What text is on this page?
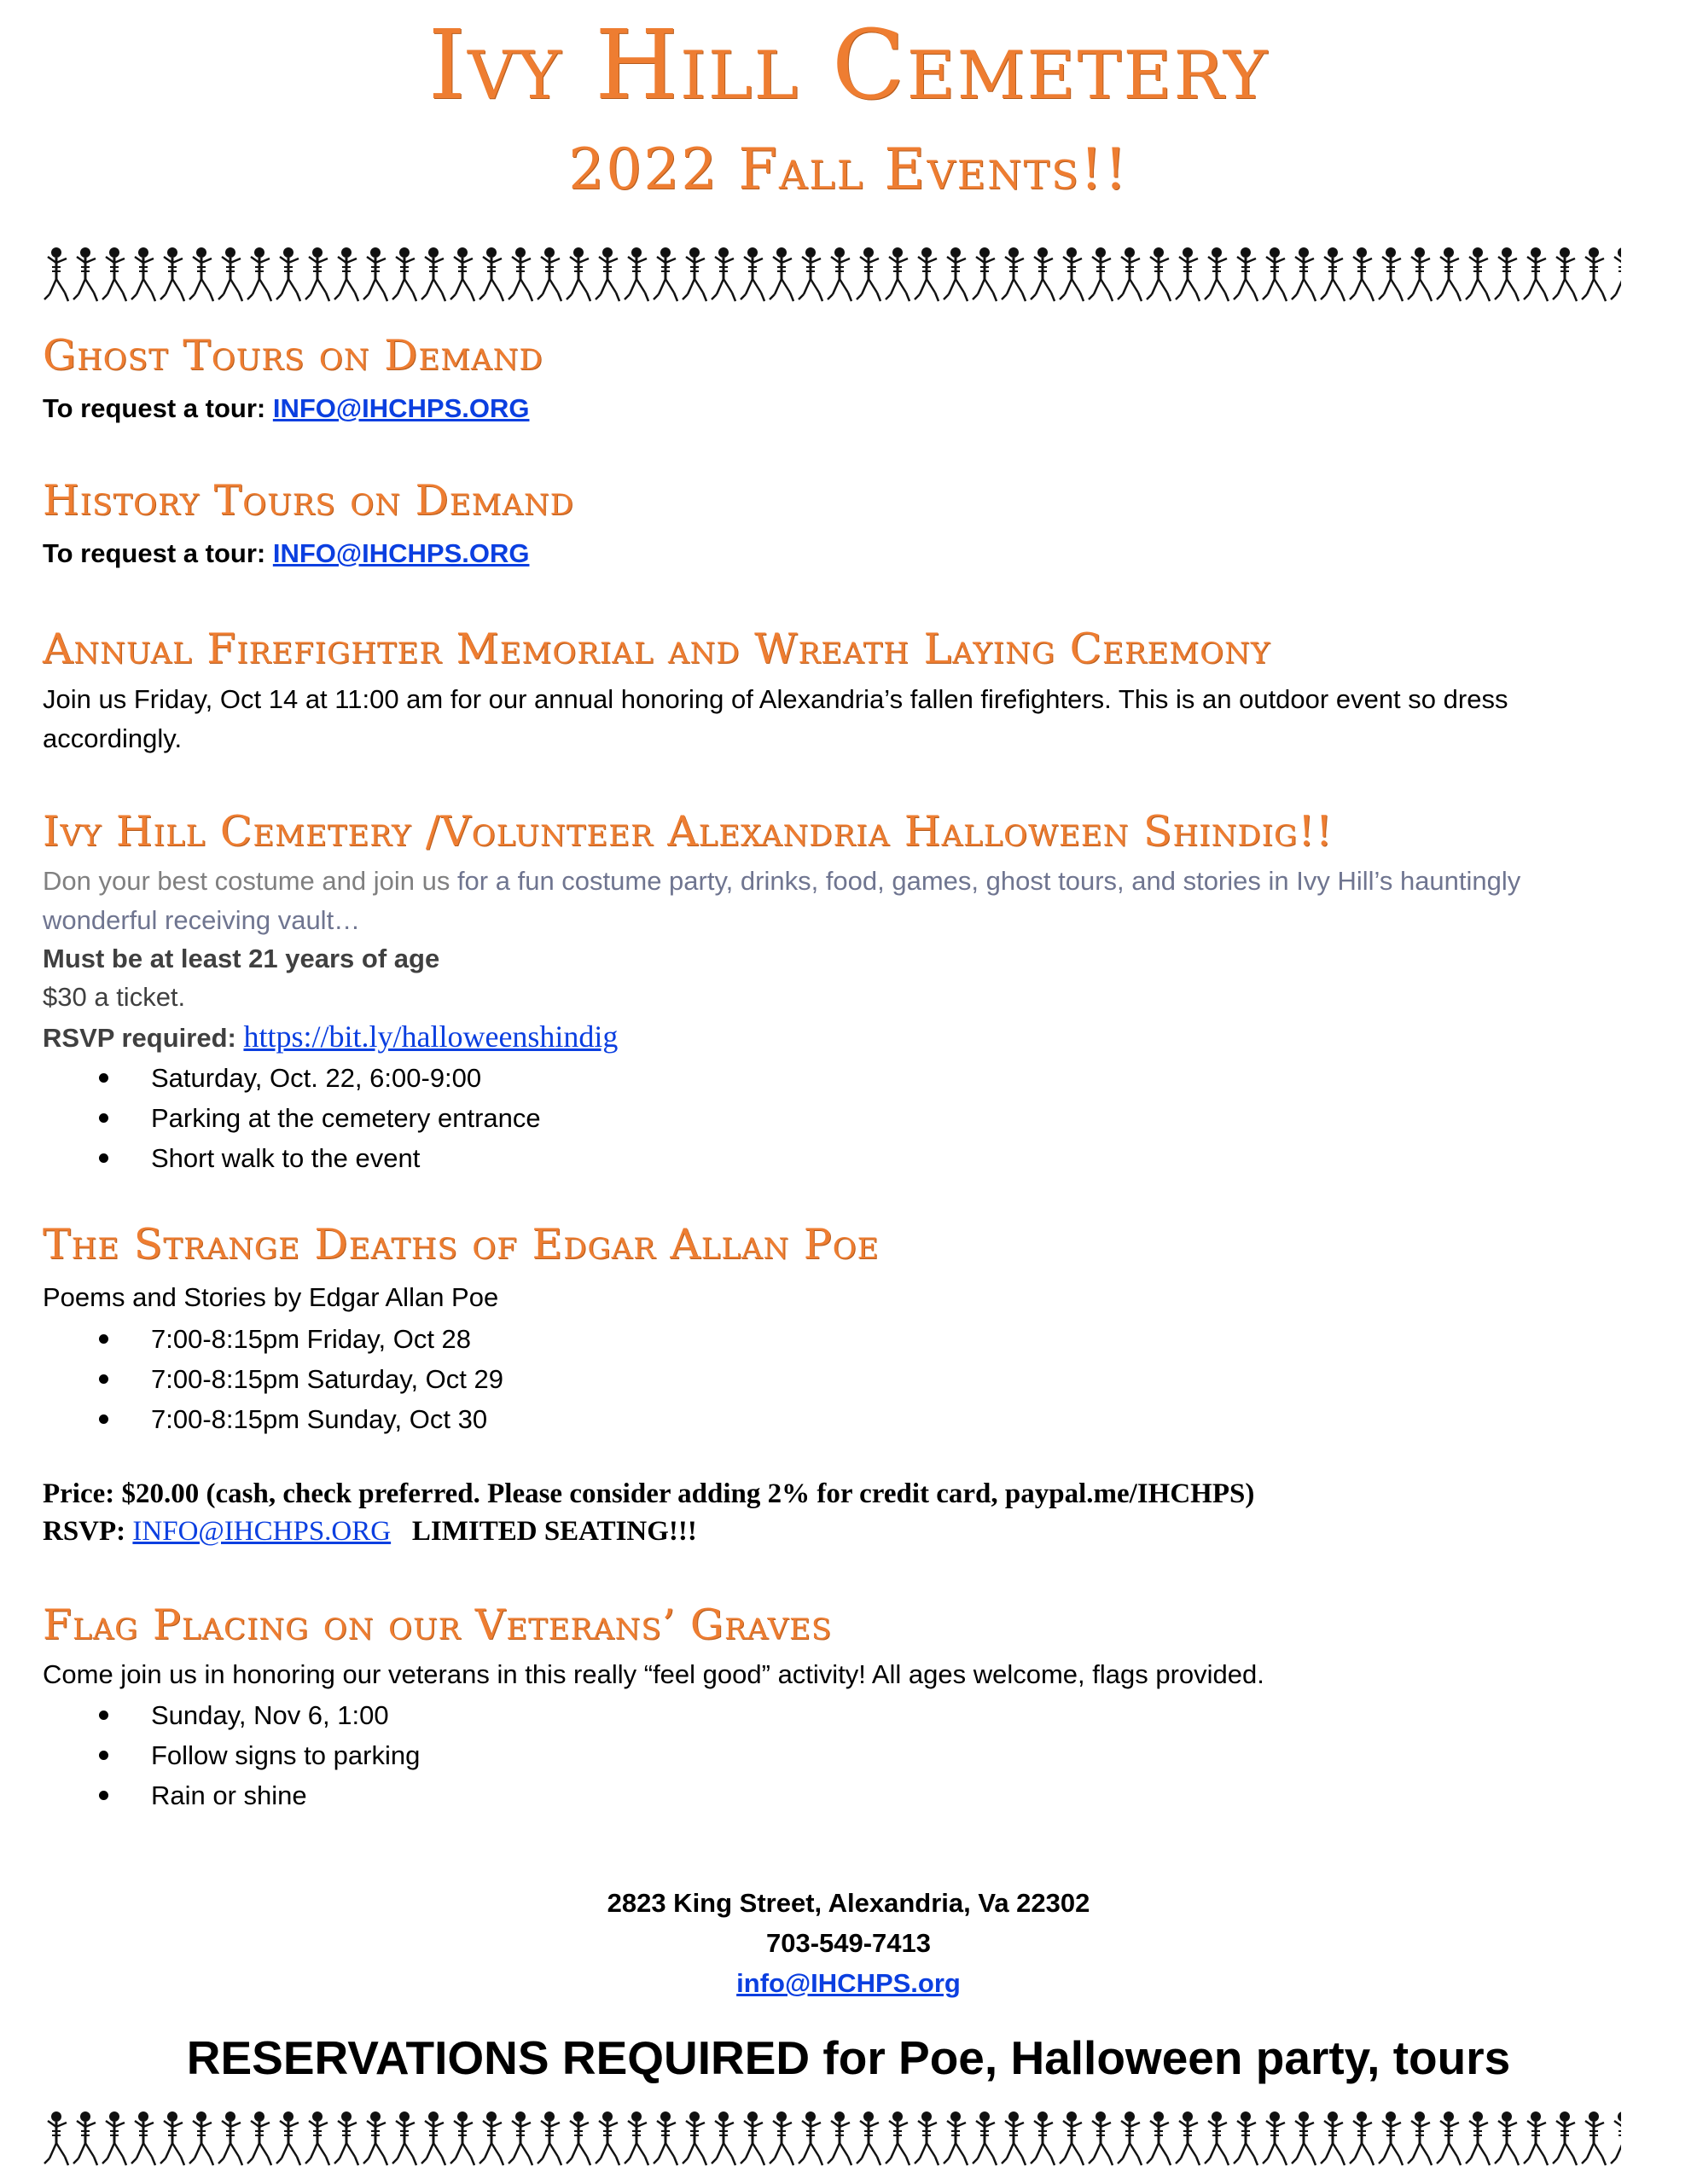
Ivy Hill Cemetery
2022 Fall Events!!
Ghost Tours on Demand
To request a tour: INFO@IHCHPS.ORG
History Tours on Demand
To request a tour: INFO@IHCHPS.ORG
Annual Firefighter Memorial and Wreath Laying Ceremony
Join us Friday, Oct 14 at 11:00 am for our annual honoring of Alexandria’s fallen firefighters. This is an outdoor event so dress
accordingly.
Ivy Hill Cemetery /Volunteer Alexandria Halloween Shindig!!
Don your best costume and join us for a fun costume party, drinks, food, games, ghost tours, and stories in Ivy Hill’s hauntingly
wonderful receiving vault…
Must be at least 21 years of age
$30 a ticket.
RSVP required: https://bit.ly/halloweenshindig
Saturday, Oct. 22, 6:00-9:00
Parking at the cemetery entrance
Short walk to the event
The Strange Deaths of Edgar Allan Poe
Poems and Stories by Edgar Allan Poe
7:00-8:15pm Friday, Oct 28
7:00-8:15pm Saturday, Oct 29
7:00-8:15pm Sunday, Oct 30
Price: $20.00 (cash, check preferred. Please consider adding 2% for credit card, paypal.me/IHCHPS)
RSVP: INFO@IHCHPS.ORG LIMITED SEATING!!!
Flag Placing on our Veterans’ Graves
Come join us in honoring our veterans in this really “feel good” activity! All ages welcome, flags provided.
Sunday, Nov 6, 1:00
Follow signs to parking
Rain or shine
2823 King Street, Alexandria, Va 22302
703-549-7413
info@IHCHPS.org
RESERVATIONS REQUIRED for Poe, Halloween party, tours
